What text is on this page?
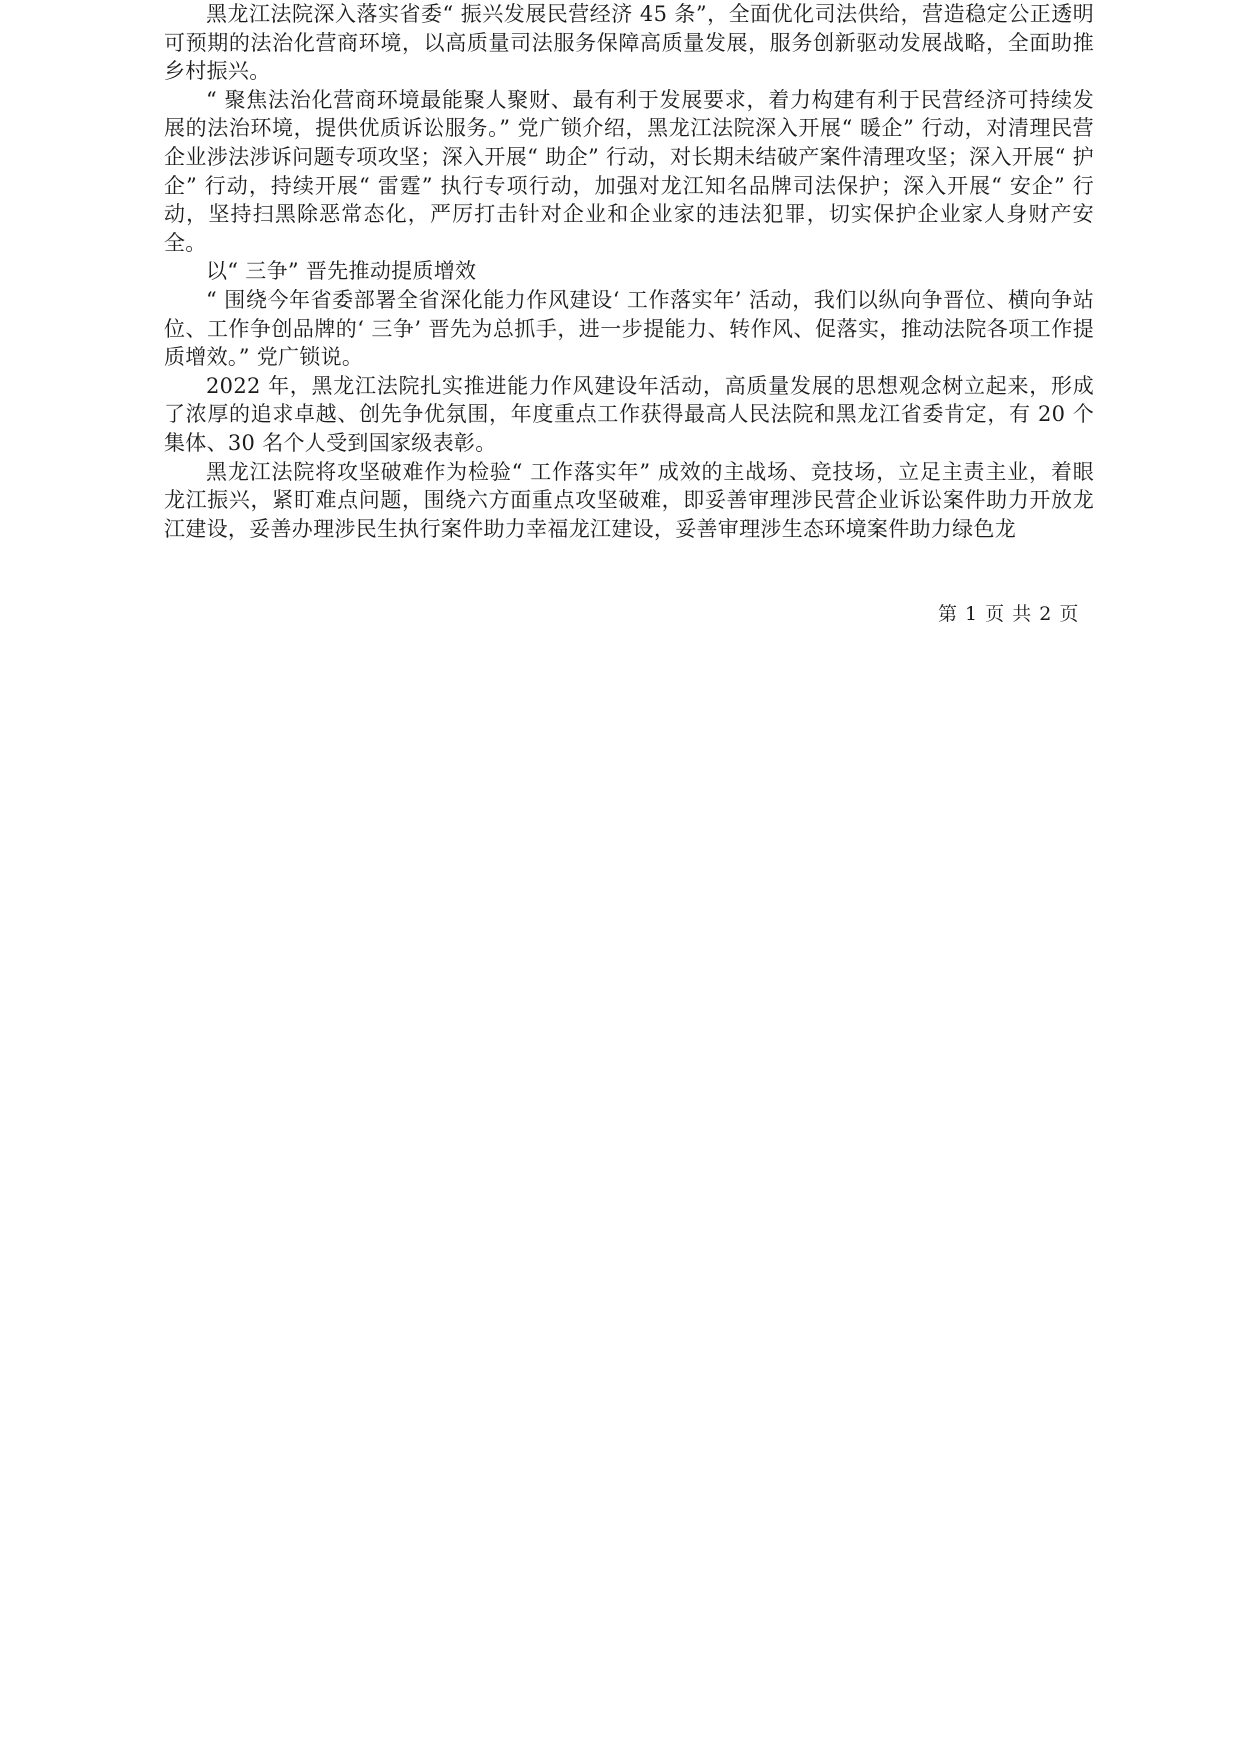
黑龙江法院深入落实省委“ 振兴发展民营经济 45 条”，全面优化司法供给，营造稳定公正透明可预期的法治化营商环境，以高质量司法服务保障高质量发展，服务创新驱动发展战略，全面助推乡村振兴。

“ 聚焦法治化营商环境最能聚人聚财、最有利于发展要求，着力构建有利于民营经济可持续发展的法治环境，提供优质诉讼服务。” 党广锁介绍，黑龙江法院深入开展“ 暖企” 行动，对清理民营企业涉法涉诉问题专项攻坚；深入开展“ 助企” 行动，对长期未结破产案件清理攻坚；深入开展“ 护企” 行动，持续开展“ 雷霆” 执行专项行动，加强对龙江知名品牌司法保护；深入开展“ 安企” 行动，坚持扫黑除恶常态化，严厉打击针对企业和企业家的违法犯罪，切实保护企业家人身财产安全。

以“ 三争” 晋先推动提质增效

“ 围绕今年省委部署全省深化能力作风建设‘ 工作落实年’ 活动，我们以纵向争晋位、横向争站位、工作争创品牌的‘ 三争’ 晋先为总抓手，进一步提能力、转作风、促落实，推动法院各项工作提质增效。” 党广锁说。

2022 年，黑龙江法院扎实推进能力作风建设年活动，高质量发展的思想观念树立起来，形成了浓厚的追求卓越、创先争优氛围，年度重点工作获得最高人民法院和黑龙江省委肯定，有 20 个集体、30 名个人受到国家级表彰。

黑龙江法院将攻坚破难作为检验“ 工作落实年” 成效的主战场、竞技场，立足主责主业，着眼龙江振兴，紧盯难点问题，围绕六方面重点攻坚破难，即妥善审理涉民营企业诉讼案件助力开放龙江建设，妥善办理涉民生执行案件助力幸福龙江建设，妥善审理涉生态环境案件助力绿色龙

第 1 页 共 2 页
